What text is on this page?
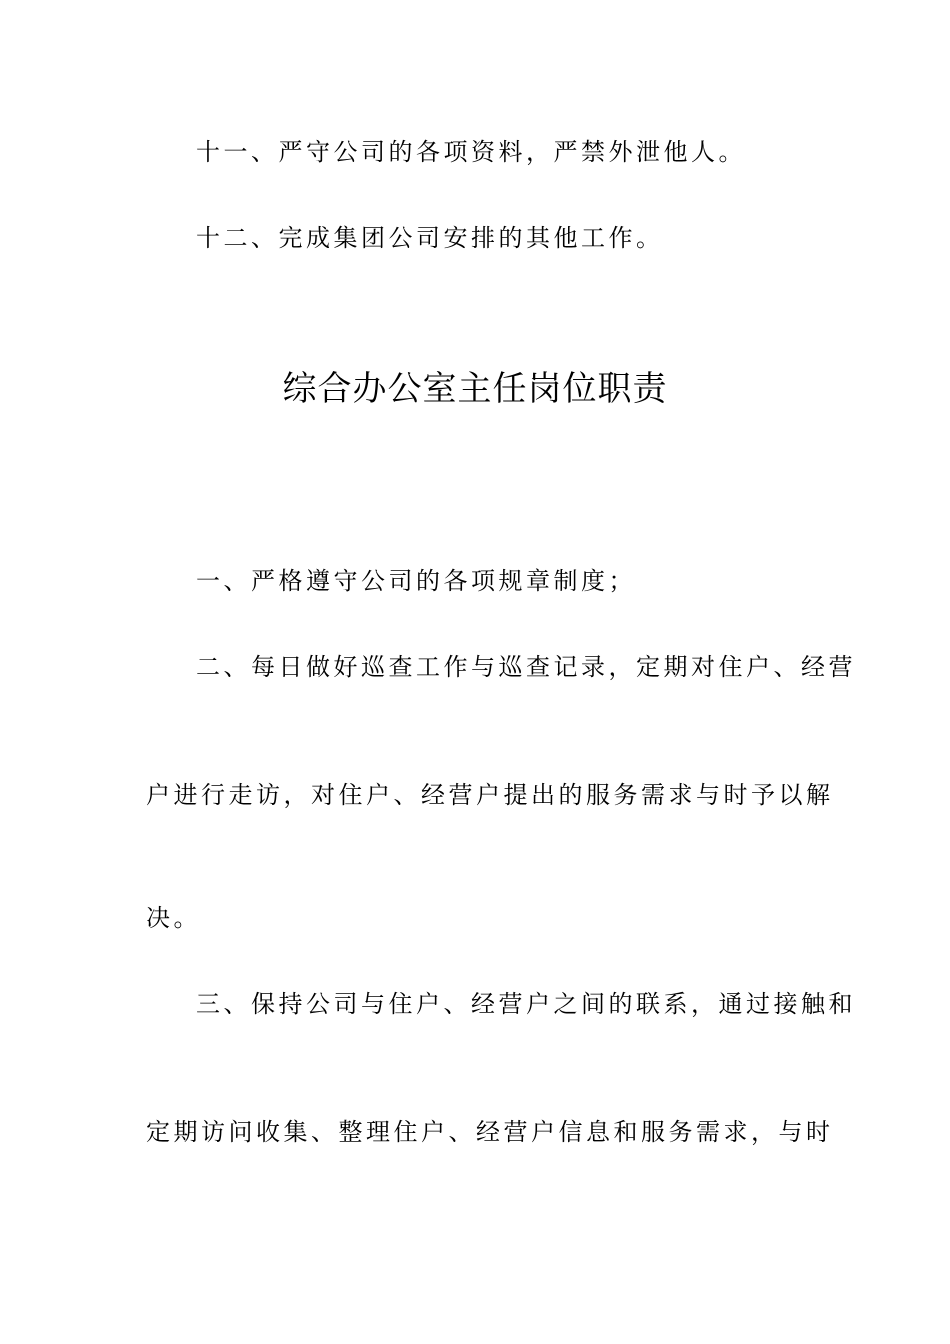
十一、严守公司的各项资料，严禁外泄他人。
十二、完成集团公司安排的其他工作。
综合办公室主任岗位职责
一、严格遵守公司的各项规章制度；
二、每日做好巡查工作与巡查记录，定期对住户、经营
户进行走访，对住户、经营户提出的服务需求与时予以解
决。
三、保持公司与住户、经营户之间的联系，通过接触和
定期访问收集、整理住户、经营户信息和服务需求，与时
